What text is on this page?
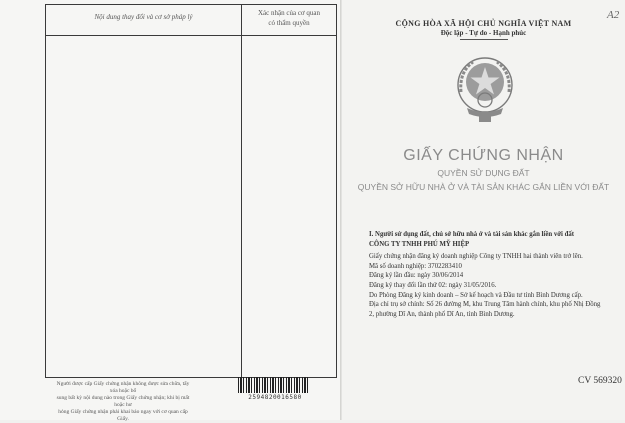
Nội dung thay đổi và cơ sở pháp lý	Xác nhận của cơ quan
có thẩm quyền
Người được cấp Giấy chứng nhận không được sửa chữa, tẩy xóa hoặc bổ
sung bất kỳ nội dung nào trong Giấy chứng nhận; khi bị mất hoặc hư
hỏng Giấy chứng nhận phải khai báo ngay với cơ quan cấp Giấy.
2594820016580
A2
CỘNG HÒA XÃ HỘI CHỦ NGHĨA VIỆT NAM
Độc lập - Tự do - Hạnh phúc
GIẤY CHỨNG NHẬN
QUYỀN SỬ DỤNG ĐẤT
QUYỀN SỞ HỮU NHÀ Ở VÀ TÀI SẢN KHÁC GẮN LIỀN VỚI ĐẤT
I. Người sử dụng đất, chủ sở hữu nhà ở và tài sản khác gắn liền với đất
CÔNG TY TNHH PHÚ MỸ HIỆP
Giấy chứng nhận đăng ký doanh nghiệp Công ty TNHH hai thành viên trở lên.
Mã số doanh nghiệp: 3702283410
Đăng ký lần đầu: ngày 30/06/2014
Đăng ký thay đổi lần thứ 02: ngày 31/05/2016.
Do Phòng Đăng ký kinh doanh – Sở kế hoạch và Đầu tư tỉnh Bình Dương cấp.
Địa chỉ trụ sở chính: Số 26 đường M, khu Trung Tâm hành chính, khu phố Nhị Đồng
2, phường Dĩ An, thành phố Dĩ An, tỉnh Bình Dương.
CV 569320
